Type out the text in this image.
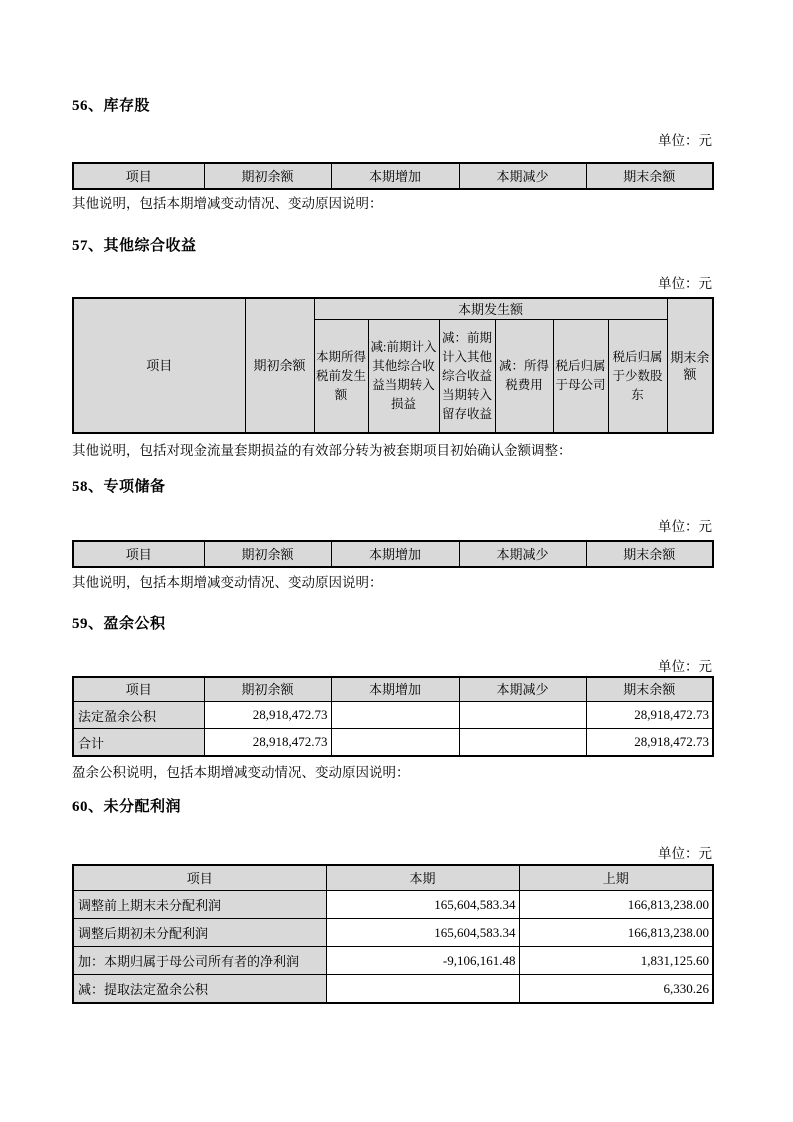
56、库存股
单位：元
项目	期初余额	本期增加	本期减少	期末余额

其他说明，包括本期增减变动情况、变动原因说明：

57、其他综合收益
单位：元
项目	期初余额	本期发生额						期末余额
		本期所得税前发生额	减:前期计入其他综合收益当期转入损益	减：前期计入其他综合收益当期转入留存收益	减：所得税费用	税后归属于母公司	税后归属于少数股东	

其他说明，包括对现金流量套期损益的有效部分转为被套期项目初始确认金额调整：

58、专项储备
单位：元
项目	期初余额	本期增加	本期减少	期末余额

其他说明，包括本期增减变动情况、变动原因说明：

59、盈余公积
单位：元
项目	期初余额	本期增加	本期减少	期末余额
法定盈余公积	28,918,472.73			28,918,472.73
合计	28,918,472.73			28,918,472.73

盈余公积说明，包括本期增减变动情况、变动原因说明：

60、未分配利润
单位：元
项目	本期	上期
调整前上期末未分配利润	165,604,583.34	166,813,238.00
调整后期初未分配利润	165,604,583.34	166,813,238.00
加：本期归属于母公司所有者的净利润	-9,106,161.48	1,831,125.60
减：提取法定盈余公积		6,330.26
